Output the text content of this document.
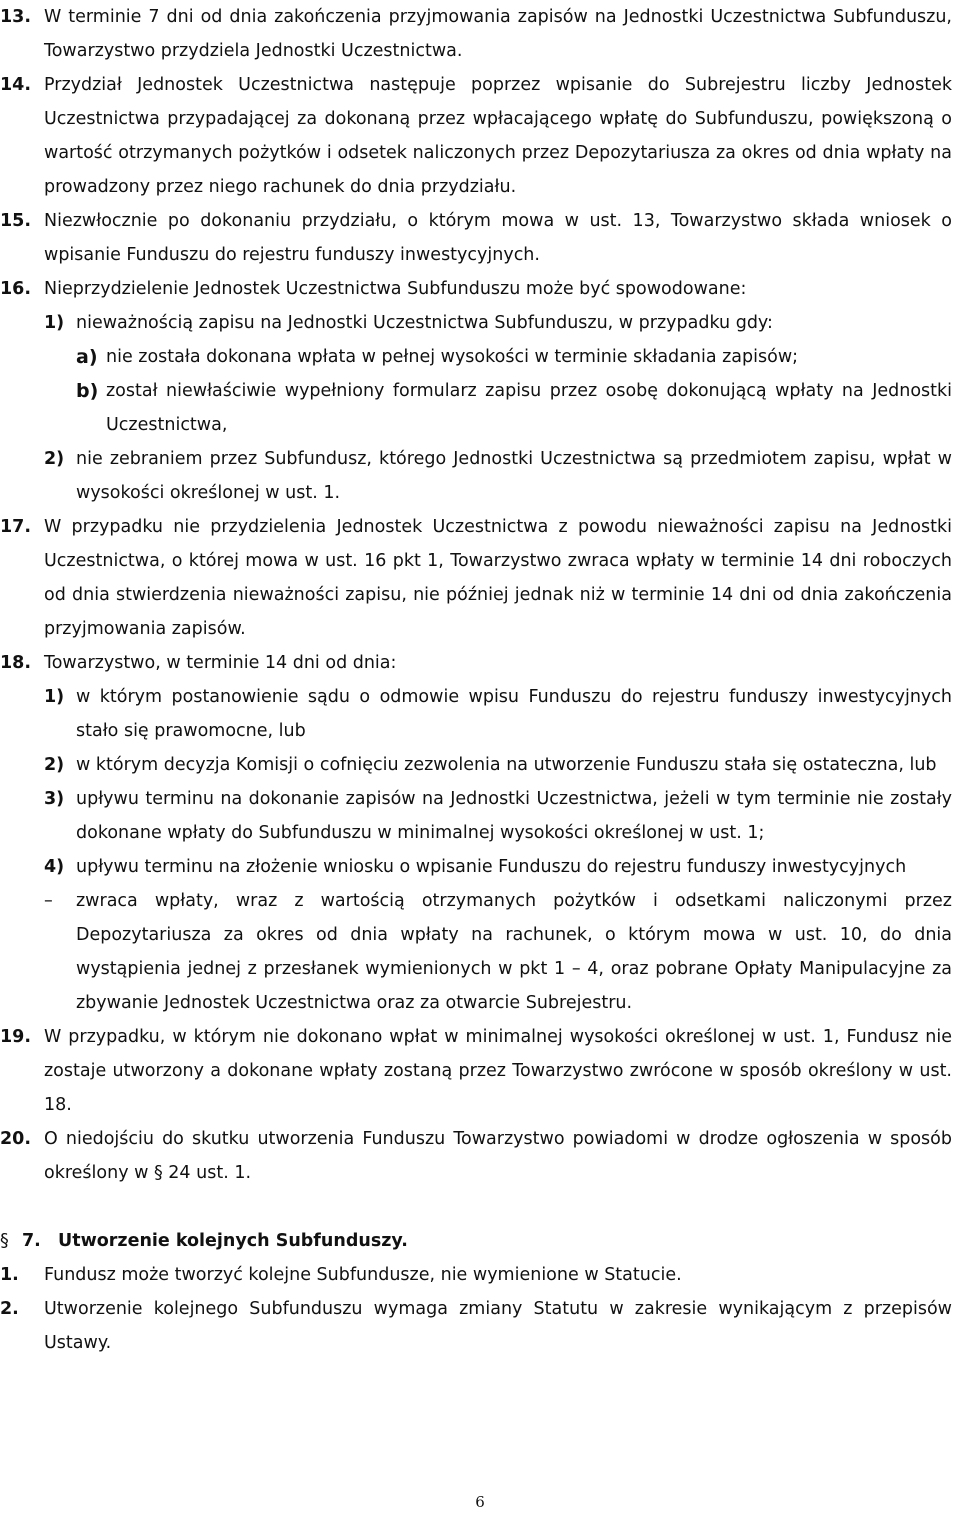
13. W terminie 7 dni od dnia zakończenia przyjmowania zapisów na Jednostki Uczestnictwa Subfunduszu, Towarzystwo przydziela Jednostki Uczestnictwa.
14. Przydział Jednostek Uczestnictwa następuje poprzez wpisanie do Subrejestru liczby Jednostek Uczestnictwa przypadającej za dokonaną przez wpłacającego wpłatę do Subfunduszu, powiększoną o wartość otrzymanych pożytków i odsetek naliczonych przez Depozytariusza za okres od dnia wpłaty na prowadzony przez niego rachunek do dnia przydziału.
15. Niezwłocznie po dokonaniu przydziału, o którym mowa w ust. 13, Towarzystwo składa wniosek o wpisanie Funduszu do rejestru funduszy inwestycyjnych.
16. Nieprzydzielenie Jednostek Uczestnictwa Subfunduszu może być spowodowane:
1) nieważnością zapisu na Jednostki Uczestnictwa Subfunduszu, w przypadku gdy:
a) nie została dokonana wpłata w pełnej wysokości w terminie składania zapisów;
b) został niewłaściwie wypełniony formularz zapisu przez osobę dokonującą wpłaty na Jednostki Uczestnictwa,
2) nie zebraniem przez Subfundusz, którego Jednostki Uczestnictwa są przedmiotem zapisu, wpłat w wysokości określonej w ust. 1.
17. W przypadku nie przydzielenia Jednostek Uczestnictwa z powodu nieważności zapisu na Jednostki Uczestnictwa, o której mowa w ust. 16 pkt 1, Towarzystwo zwraca wpłaty w terminie 14 dni roboczych od dnia stwierdzenia nieważności zapisu, nie później jednak niż w terminie 14 dni od dnia zakończenia przyjmowania zapisów.
18. Towarzystwo, w terminie 14 dni od dnia:
1) w którym postanowienie sądu o odmowie wpisu Funduszu do rejestru funduszy inwestycyjnych stało się prawomocne, lub
2) w którym decyzja Komisji o cofnięciu zezwolenia na utworzenie Funduszu stała się ostateczna, lub
3) upływu terminu na dokonanie zapisów na Jednostki Uczestnictwa, jeżeli w tym terminie nie zostały dokonane wpłaty do Subfunduszu w minimalnej wysokości określonej w ust. 1;
4) upływu terminu na złożenie wniosku o wpisanie Funduszu do rejestru funduszy inwestycyjnych
– zwraca wpłaty, wraz z wartością otrzymanych pożytków i odsetkami naliczonymi przez Depozytariusza za okres od dnia wpłaty na rachunek, o którym mowa w ust. 10, do dnia wystąpienia jednej z przesłanek wymienionych w pkt 1 – 4, oraz pobrane Opłaty Manipulacyjne za zbywanie Jednostek Uczestnictwa oraz za otwarcie Subrejestru.
19. W przypadku, w którym nie dokonano wpłat w minimalnej wysokości określonej w ust. 1, Fundusz nie zostaje utworzony a dokonane wpłaty zostaną przez Towarzystwo zwrócone w sposób określony w ust. 18.
20. O niedojściu do skutku utworzenia Funduszu Towarzystwo powiadomi w drodze ogłoszenia w sposób określony w § 24 ust. 1.
§ 7. Utworzenie kolejnych Subfunduszy.
1.	Fundusz może tworzyć kolejne Subfundusze, nie wymienione w Statucie.
2.	Utworzenie kolejnego Subfunduszu wymaga zmiany Statutu w zakresie wynikającym z przepisów Ustawy.
6
